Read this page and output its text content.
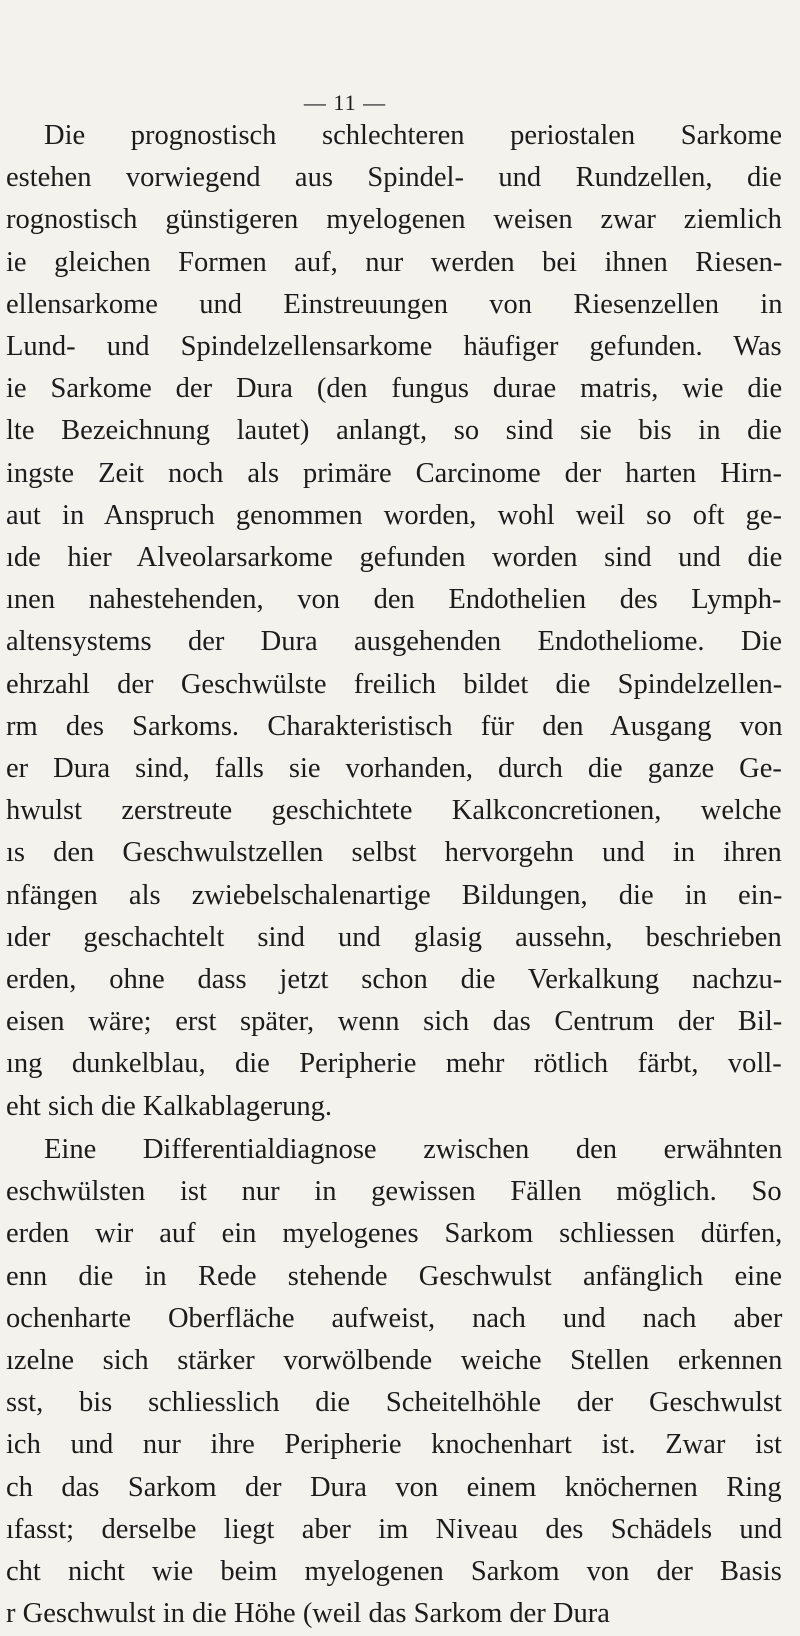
— 11 —
Die prognostisch schlechteren periostalen Sarkome
estehen vorwiegend aus Spindel- und Rundzellen, die
rognostisch günstigeren myelogenen weisen zwar ziemlich
ie gleichen Formen auf, nur werden bei ihnen Riesen-
ellensarkome und Einstreuungen von Riesenzellen in
Lund- und Spindelzellensarkome häufiger gefunden. Was
ie Sarkome der Dura (den fungus durae matris, wie die
lte Bezeichnung lautet) anlangt, so sind sie bis in die
ingste Zeit noch als primäre Carcinome der harten Hirn-
aut in Anspruch genommen worden, wohl weil so oft ge-
ıde hier Alveolarsarkome gefunden worden sind und die
ınen nahestehenden, von den Endothelien des Lymph-
altensystems der Dura ausgehenden Endotheliome. Die
ehrzahl der Geschwülste freilich bildet die Spindelzellen-
rm des Sarkoms. Charakteristisch für den Ausgang von
er Dura sind, falls sie vorhanden, durch die ganze Ge-
hwulst zerstreute geschichtete Kalkconcretionen, welche
ıs den Geschwulstzellen selbst hervorgehn und in ihren
nfängen als zwiebelschalenartige Bildungen, die in ein-
ıder geschachtelt sind und glasig aussehn, beschrieben
erden, ohne dass jetzt schon die Verkalkung nachzu-
eisen wäre; erst später, wenn sich das Centrum der Bil-
ıng dunkelblau, die Peripherie mehr rötlich färbt, voll-
eht sich die Kalkablagerung.
Eine Differentialdiagnose zwischen den erwähnten
eschwülsten ist nur in gewissen Fällen möglich. So
erden wir auf ein myelogenes Sarkom schliessen dürfen,
enn die in Rede stehende Geschwulst anfänglich eine
ochenharte Oberfläche aufweist, nach und nach aber
ızelne sich stärker vorwölbende weiche Stellen erkennen
sst, bis schliesslich die Scheitelhöhle der Geschwulst
ich und nur ihre Peripherie knochenhart ist. Zwar ist
ch das Sarkom der Dura von einem knöchernen Ring
ıfasst; derselbe liegt aber im Niveau des Schädels und
cht nicht wie beim myelogenen Sarkom von der Basis
r Geschwulst in die Höhe (weil das Sarkom der Dura
